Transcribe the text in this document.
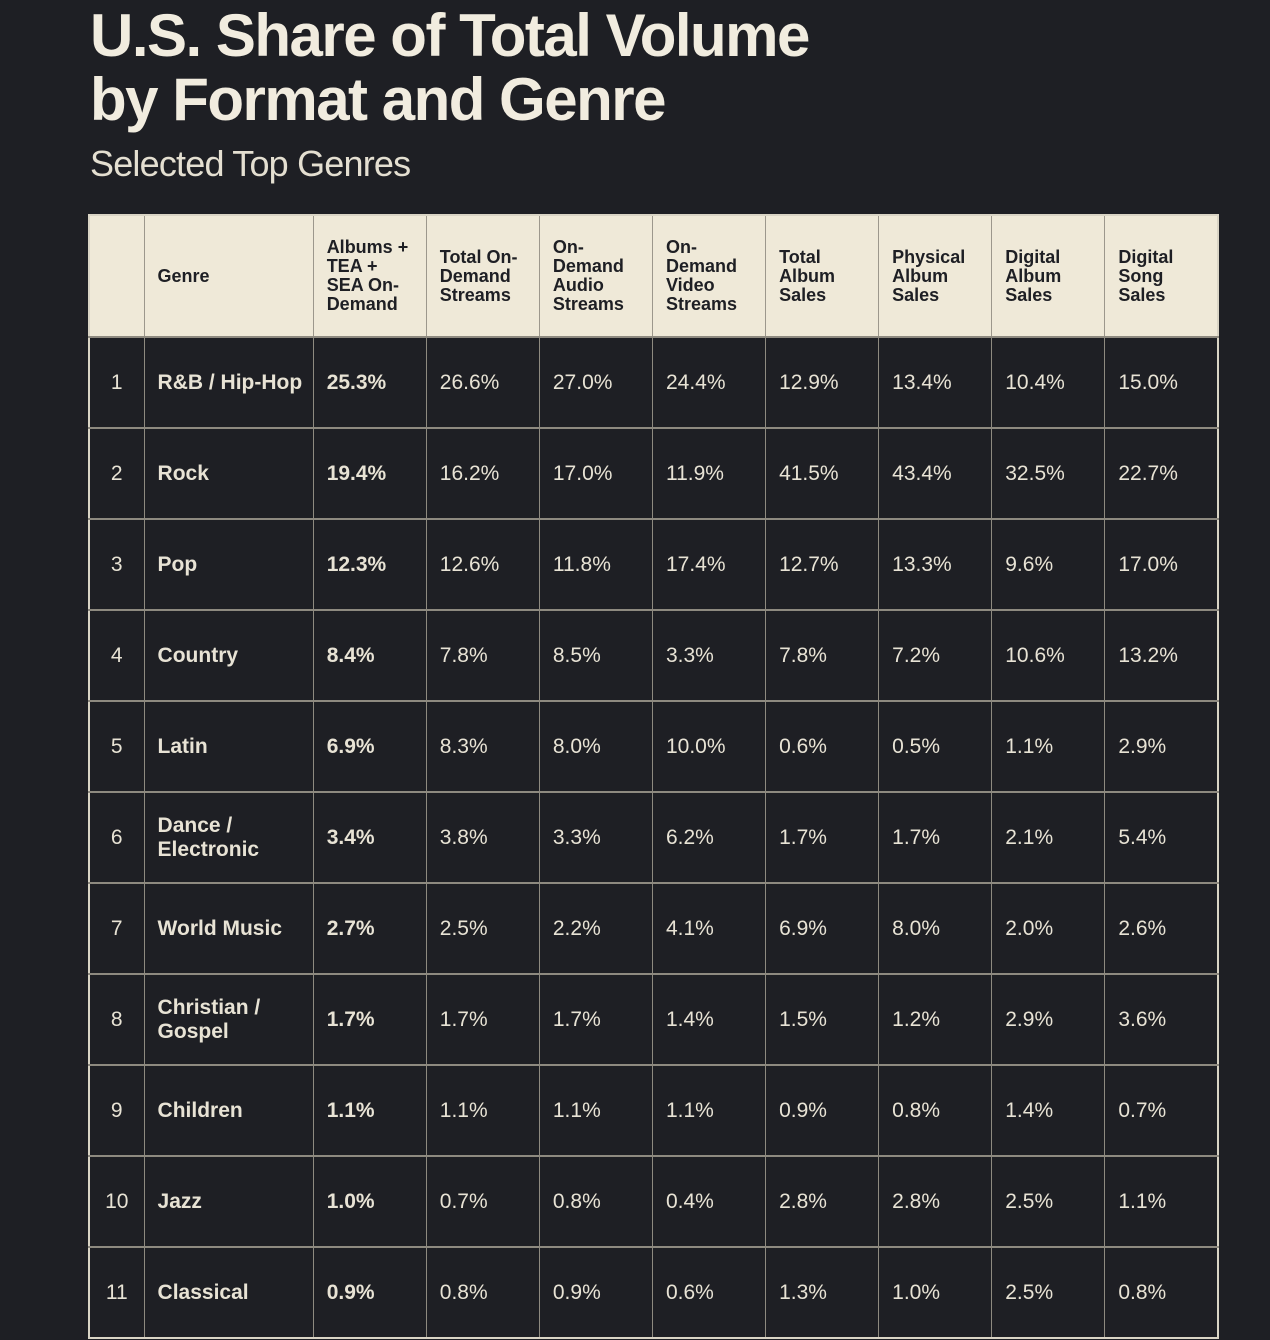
U.S. Share of Total Volume
by Format and Genre
Selected Top Genres
	Genre	Albums + TEA + SEA On-Demand	Total On-Demand Streams	On-Demand Audio Streams	On-Demand Video Streams	Total Album Sales	Physical Album Sales	Digital Album Sales	Digital Song Sales
1	R&B / Hip-Hop	25.3%	26.6%	27.0%	24.4%	12.9%	13.4%	10.4%	15.0%
2	Rock	19.4%	16.2%	17.0%	11.9%	41.5%	43.4%	32.5%	22.7%
3	Pop	12.3%	12.6%	11.8%	17.4%	12.7%	13.3%	9.6%	17.0%
4	Country	8.4%	7.8%	8.5%	3.3%	7.8%	7.2%	10.6%	13.2%
5	Latin	6.9%	8.3%	8.0%	10.0%	0.6%	0.5%	1.1%	2.9%
6	Dance / Electronic	3.4%	3.8%	3.3%	6.2%	1.7%	1.7%	2.1%	5.4%
7	World Music	2.7%	2.5%	2.2%	4.1%	6.9%	8.0%	2.0%	2.6%
8	Christian / Gospel	1.7%	1.7%	1.7%	1.4%	1.5%	1.2%	2.9%	3.6%
9	Children	1.1%	1.1%	1.1%	1.1%	0.9%	0.8%	1.4%	0.7%
10	Jazz	1.0%	0.7%	0.8%	0.4%	2.8%	2.8%	2.5%	1.1%
11	Classical	0.9%	0.8%	0.9%	0.6%	1.3%	1.0%	2.5%	0.8%
